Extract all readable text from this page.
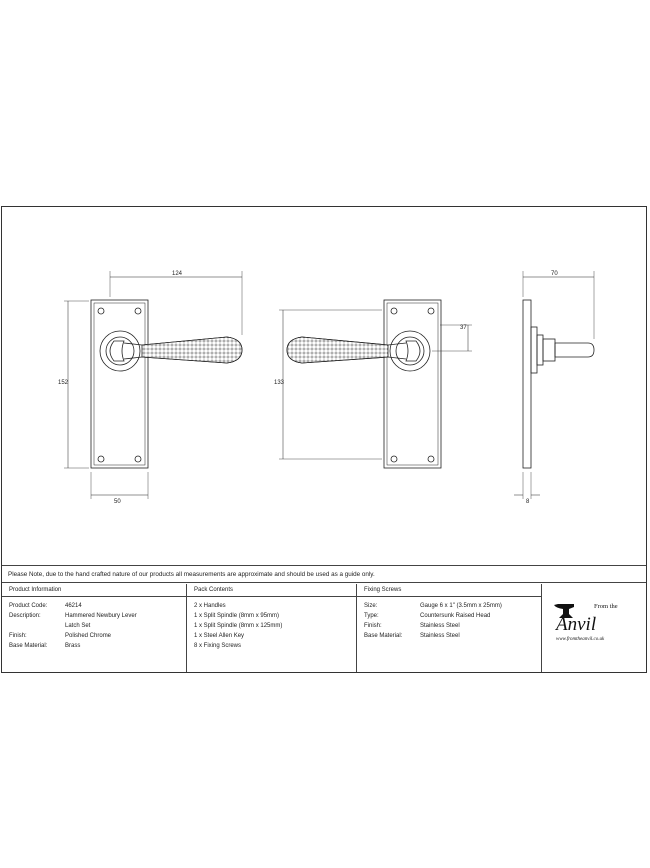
124
152
50
133
37
70
8
Please Note, due to the hand crafted nature of our products all measurements are approximate and should be used as a guide only.
Product Information
Product Code:	46214
Description:	Hammered Newbury Lever
Latch Set
Finish:	Polished Chrome
Base Material:	Brass
Pack Contents
2 x Handles
1 x Split Spindle (8mm x 95mm)
1 x Split Spindle (8mm x 125mm)
1 x Steel Allen Key
8 x Fixing Screws
Fixing Screws
Size:	Gauge 6 x 1" (3.5mm x 25mm)
Type:	Countersunk Raised Head
Finish:	Stainless Steel
Base Material:	Stainless Steel
From the
Anvil
www.fromtheanvil.co.uk
